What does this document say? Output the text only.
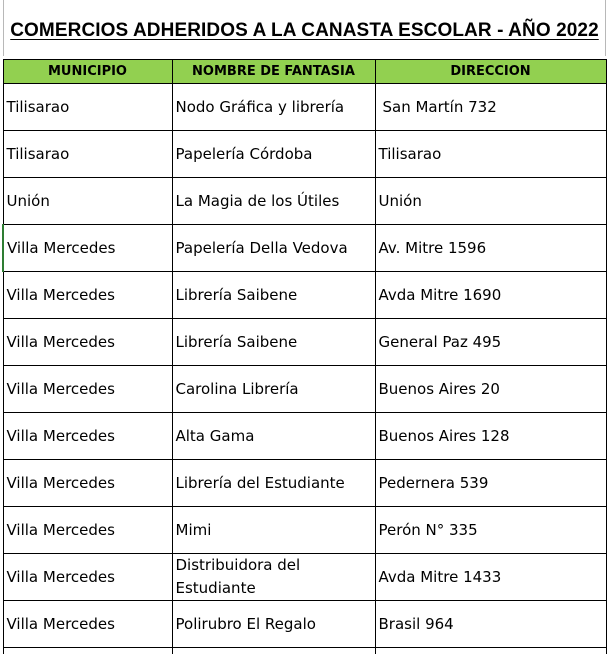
COMERCIOS ADHERIDOS A LA CANASTA ESCOLAR - AÑO 2022
MUNICIPIO	NOMBRE DE FANTASIA	DIRECCION
Tilisarao	Nodo Gráfica y librería	San Martín 732
Tilisarao	Papelería Córdoba	Tilisarao
Unión	La Magia de los Útiles	Unión
Villa Mercedes	Papelería Della Vedova	Av. Mitre 1596
Villa Mercedes	Librería Saibene	Avda Mitre 1690
Villa Mercedes	Librería Saibene	General Paz 495
Villa Mercedes	Carolina Librería	Buenos Aires 20
Villa Mercedes	Alta Gama	Buenos Aires 128
Villa Mercedes	Librería del Estudiante	Pedernera 539
Villa Mercedes	Mimi	Perón N° 335
Villa Mercedes	Distribuidora del Estudiante	Avda Mitre 1433
Villa Mercedes	Polirubro El Regalo	Brasil 964
